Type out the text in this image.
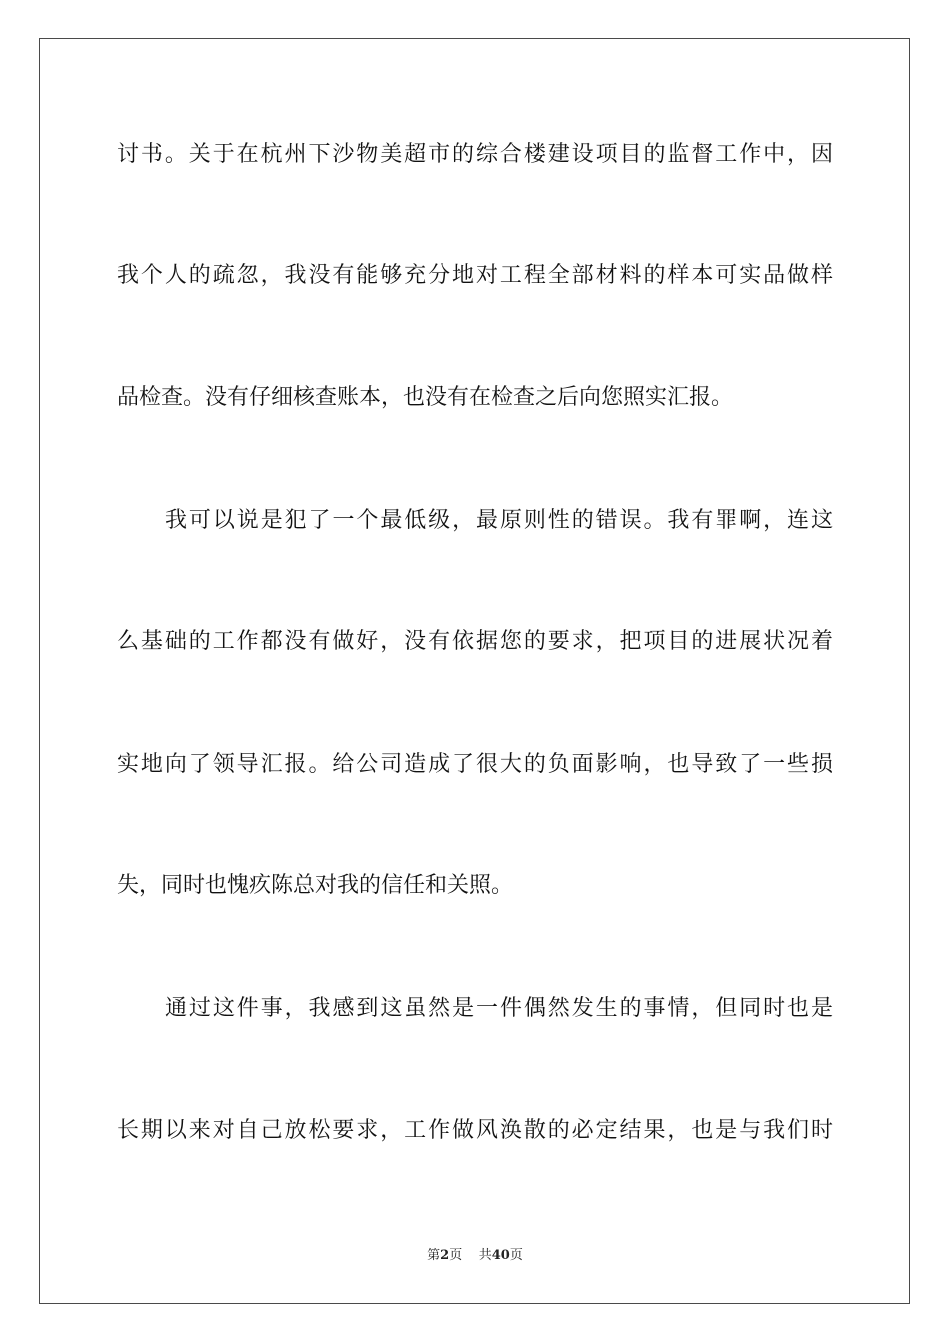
讨书。关于在杭州下沙物美超市的综合楼建设项目的监督工作中，因
我个人的疏忽，我没有能够充分地对工程全部材料的样本可实品做样
品检查。没有仔细核查账本，也没有在检查之后向您照实汇报。
我可以说是犯了一个最低级，最原则性的错误。我有罪啊，连这
么基础的工作都没有做好，没有依据您的要求，把项目的进展状况着
实地向了领导汇报。给公司造成了很大的负面影响，也导致了一些损
失，同时也愧疚陈总对我的信任和关照。
通过这件事，我感到这虽然是一件偶然发生的事情，但同时也是
长期以来对自己放松要求，工作做风涣散的必定结果，也是与我们时
第2页 共40页
